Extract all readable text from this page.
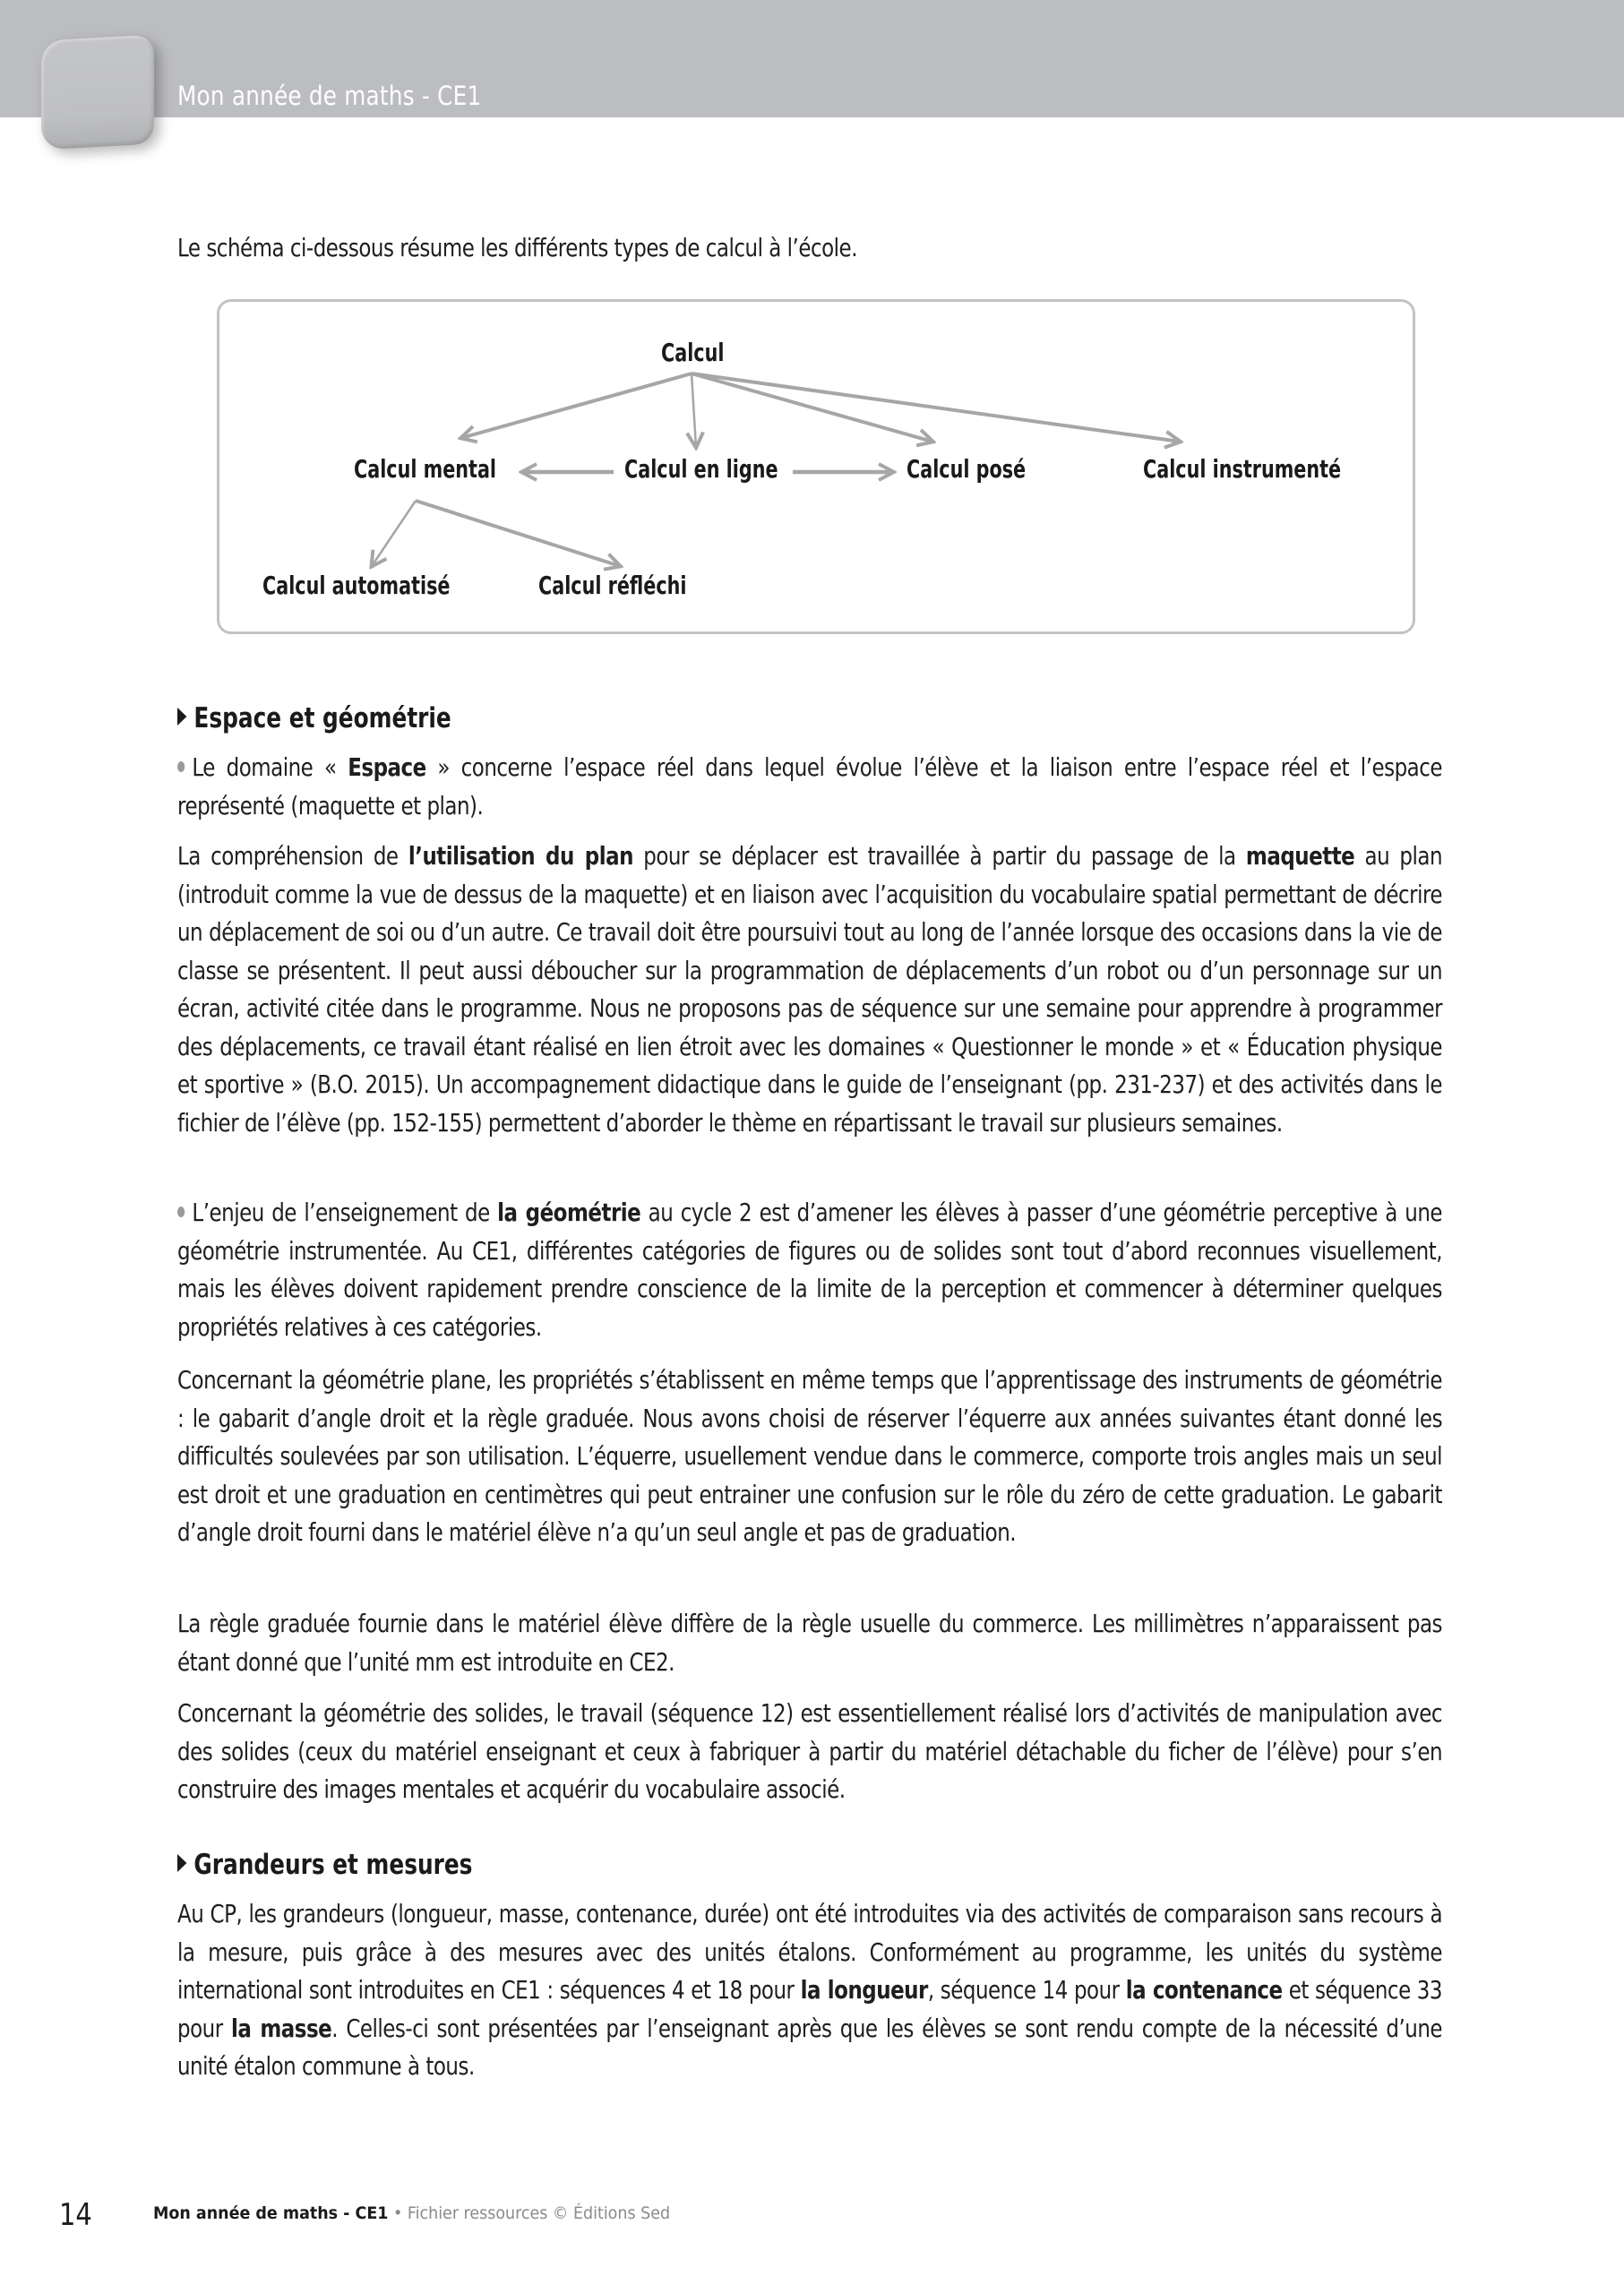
Mon année de maths - CE1

Le schéma ci-dessous résume les différents types de calcul à l’école.

Calcul
Calcul mental	Calcul en ligne	Calcul posé	Calcul instrumenté
Calcul automatisé	Calcul réfléchi
Espace et géométrie

Le domaine « Espace » concerne l’espace réel dans lequel évolue l’élève et la liaison entre l’espace réel et l’espace représenté (maquette et plan).

La compréhension de l’utilisation du plan pour se déplacer est travaillée à partir du passage de la maquette au plan (introduit comme la vue de dessus de la maquette) et en liaison avec l’acquisition du vocabulaire spatial permettant de décrire un déplacement de soi ou d’un autre. Ce travail doit être poursuivi tout au long de l’année lorsque des occasions dans la vie de classe se présentent. Il peut aussi déboucher sur la programmation de déplacements d’un robot ou d’un personnage sur un écran, activité citée dans le programme. Nous ne proposons pas de séquence sur une semaine pour apprendre à programmer des déplacements, ce travail étant réalisé en lien étroit avec les domaines « Questionner le monde » et « Éducation physique et sportive » (B.O. 2015). Un accompagnement didactique dans le guide de l’enseignant (pp. 231-237) et des activités dans le fichier de l’élève (pp. 152-155) permettent d’aborder le thème en répartissant le travail sur plusieurs semaines.

L’enjeu de l’enseignement de la géométrie au cycle 2 est d’amener les élèves à passer d’une géométrie perceptive à une géométrie instrumentée. Au CE1, différentes catégories de figures ou de solides sont tout d’abord reconnues visuellement, mais les élèves doivent rapidement prendre conscience de la limite de la perception et commencer à déterminer quelques propriétés relatives à ces catégories.

Concernant la géométrie plane, les propriétés s’établissent en même temps que l’apprentissage des instruments de géométrie : le gabarit d’angle droit et la règle graduée. Nous avons choisi de réserver l’équerre aux années suivantes étant donné les difficultés soulevées par son utilisation. L’équerre, usuellement vendue dans le commerce, comporte trois angles mais un seul est droit et une graduation en centimètres qui peut entrainer une confusion sur le rôle du zéro de cette graduation. Le gabarit d’angle droit fourni dans le matériel élève n’a qu’un seul angle et pas de graduation.

La règle graduée fournie dans le matériel élève diffère de la règle usuelle du commerce. Les millimètres n’apparaissent pas étant donné que l’unité mm est introduite en CE2.

Concernant la géométrie des solides, le travail (séquence 12) est essentiellement réalisé lors d’activités de manipulation avec des solides (ceux du matériel enseignant et ceux à fabriquer à partir du matériel détachable du ficher de l’élève) pour s’en construire des images mentales et acquérir du vocabulaire associé.

Grandeurs et mesures

Au CP, les grandeurs (longueur, masse, contenance, durée) ont été introduites via des activités de comparaison sans recours à la mesure, puis grâce à des mesures avec des unités étalons. Conformément au programme, les unités du système international sont introduites en CE1 : séquences 4 et 18 pour la longueur, séquence 14 pour la contenance et séquence 33 pour la masse. Celles-ci sont présentées par l’enseignant après que les élèves se sont rendu compte de la nécessité d’une unité étalon commune à tous.

14	Mon année de maths - CE1 • Fichier ressources © Éditions Sed
